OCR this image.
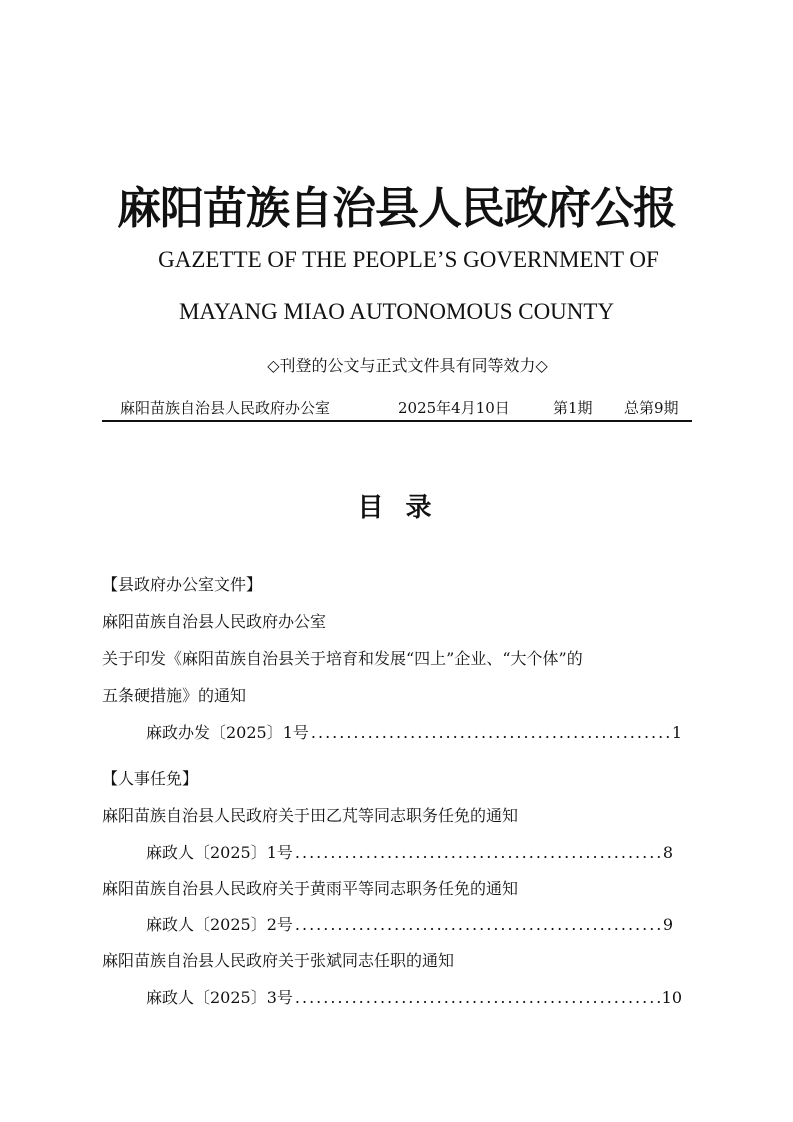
麻阳苗族自治县人民政府公报
GAZETTE OF THE PEOPLE’S GOVERNMENT OF
MAYANG MIAO AUTONOMOUS COUNTY
◇刊登的公文与正式文件具有同等效力◇
麻阳苗族自治县人民政府办公室	2025年4月10日	第1期 总第9期
目录
【县政府办公室文件】
麻阳苗族自治县人民政府办公室
关于印发《麻阳苗族自治县关于培育和发展“四上”企业、“大个体”的
五条硬措施》的通知
麻政办发〔2025〕1号 .....	1
【人事任免】
麻阳苗族自治县人民政府关于田乙芃等同志职务任免的通知
麻政人〔2025〕1号 .....	8
麻阳苗族自治县人民政府关于黄雨平等同志职务任免的通知
麻政人〔2025〕2号 .....	9
麻阳苗族自治县人民政府关于张斌同志任职的通知
麻政人〔2025〕3号 .....	10
